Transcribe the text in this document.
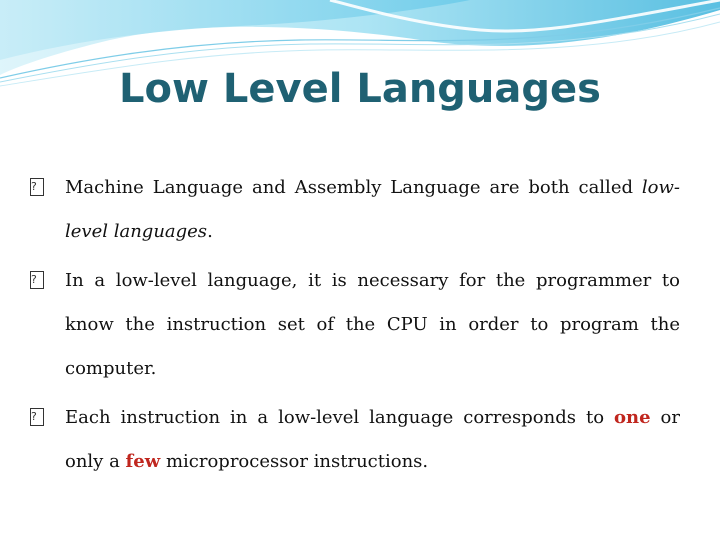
Low Level Languages
?	Machine Language and Assembly Language are both called low-level languages.
?	In a low-level language, it is necessary for the programmer to know the instruction set of the CPU in order to program the computer.
?	Each instruction in a low-level language corresponds to one or only a few microprocessor instructions.
